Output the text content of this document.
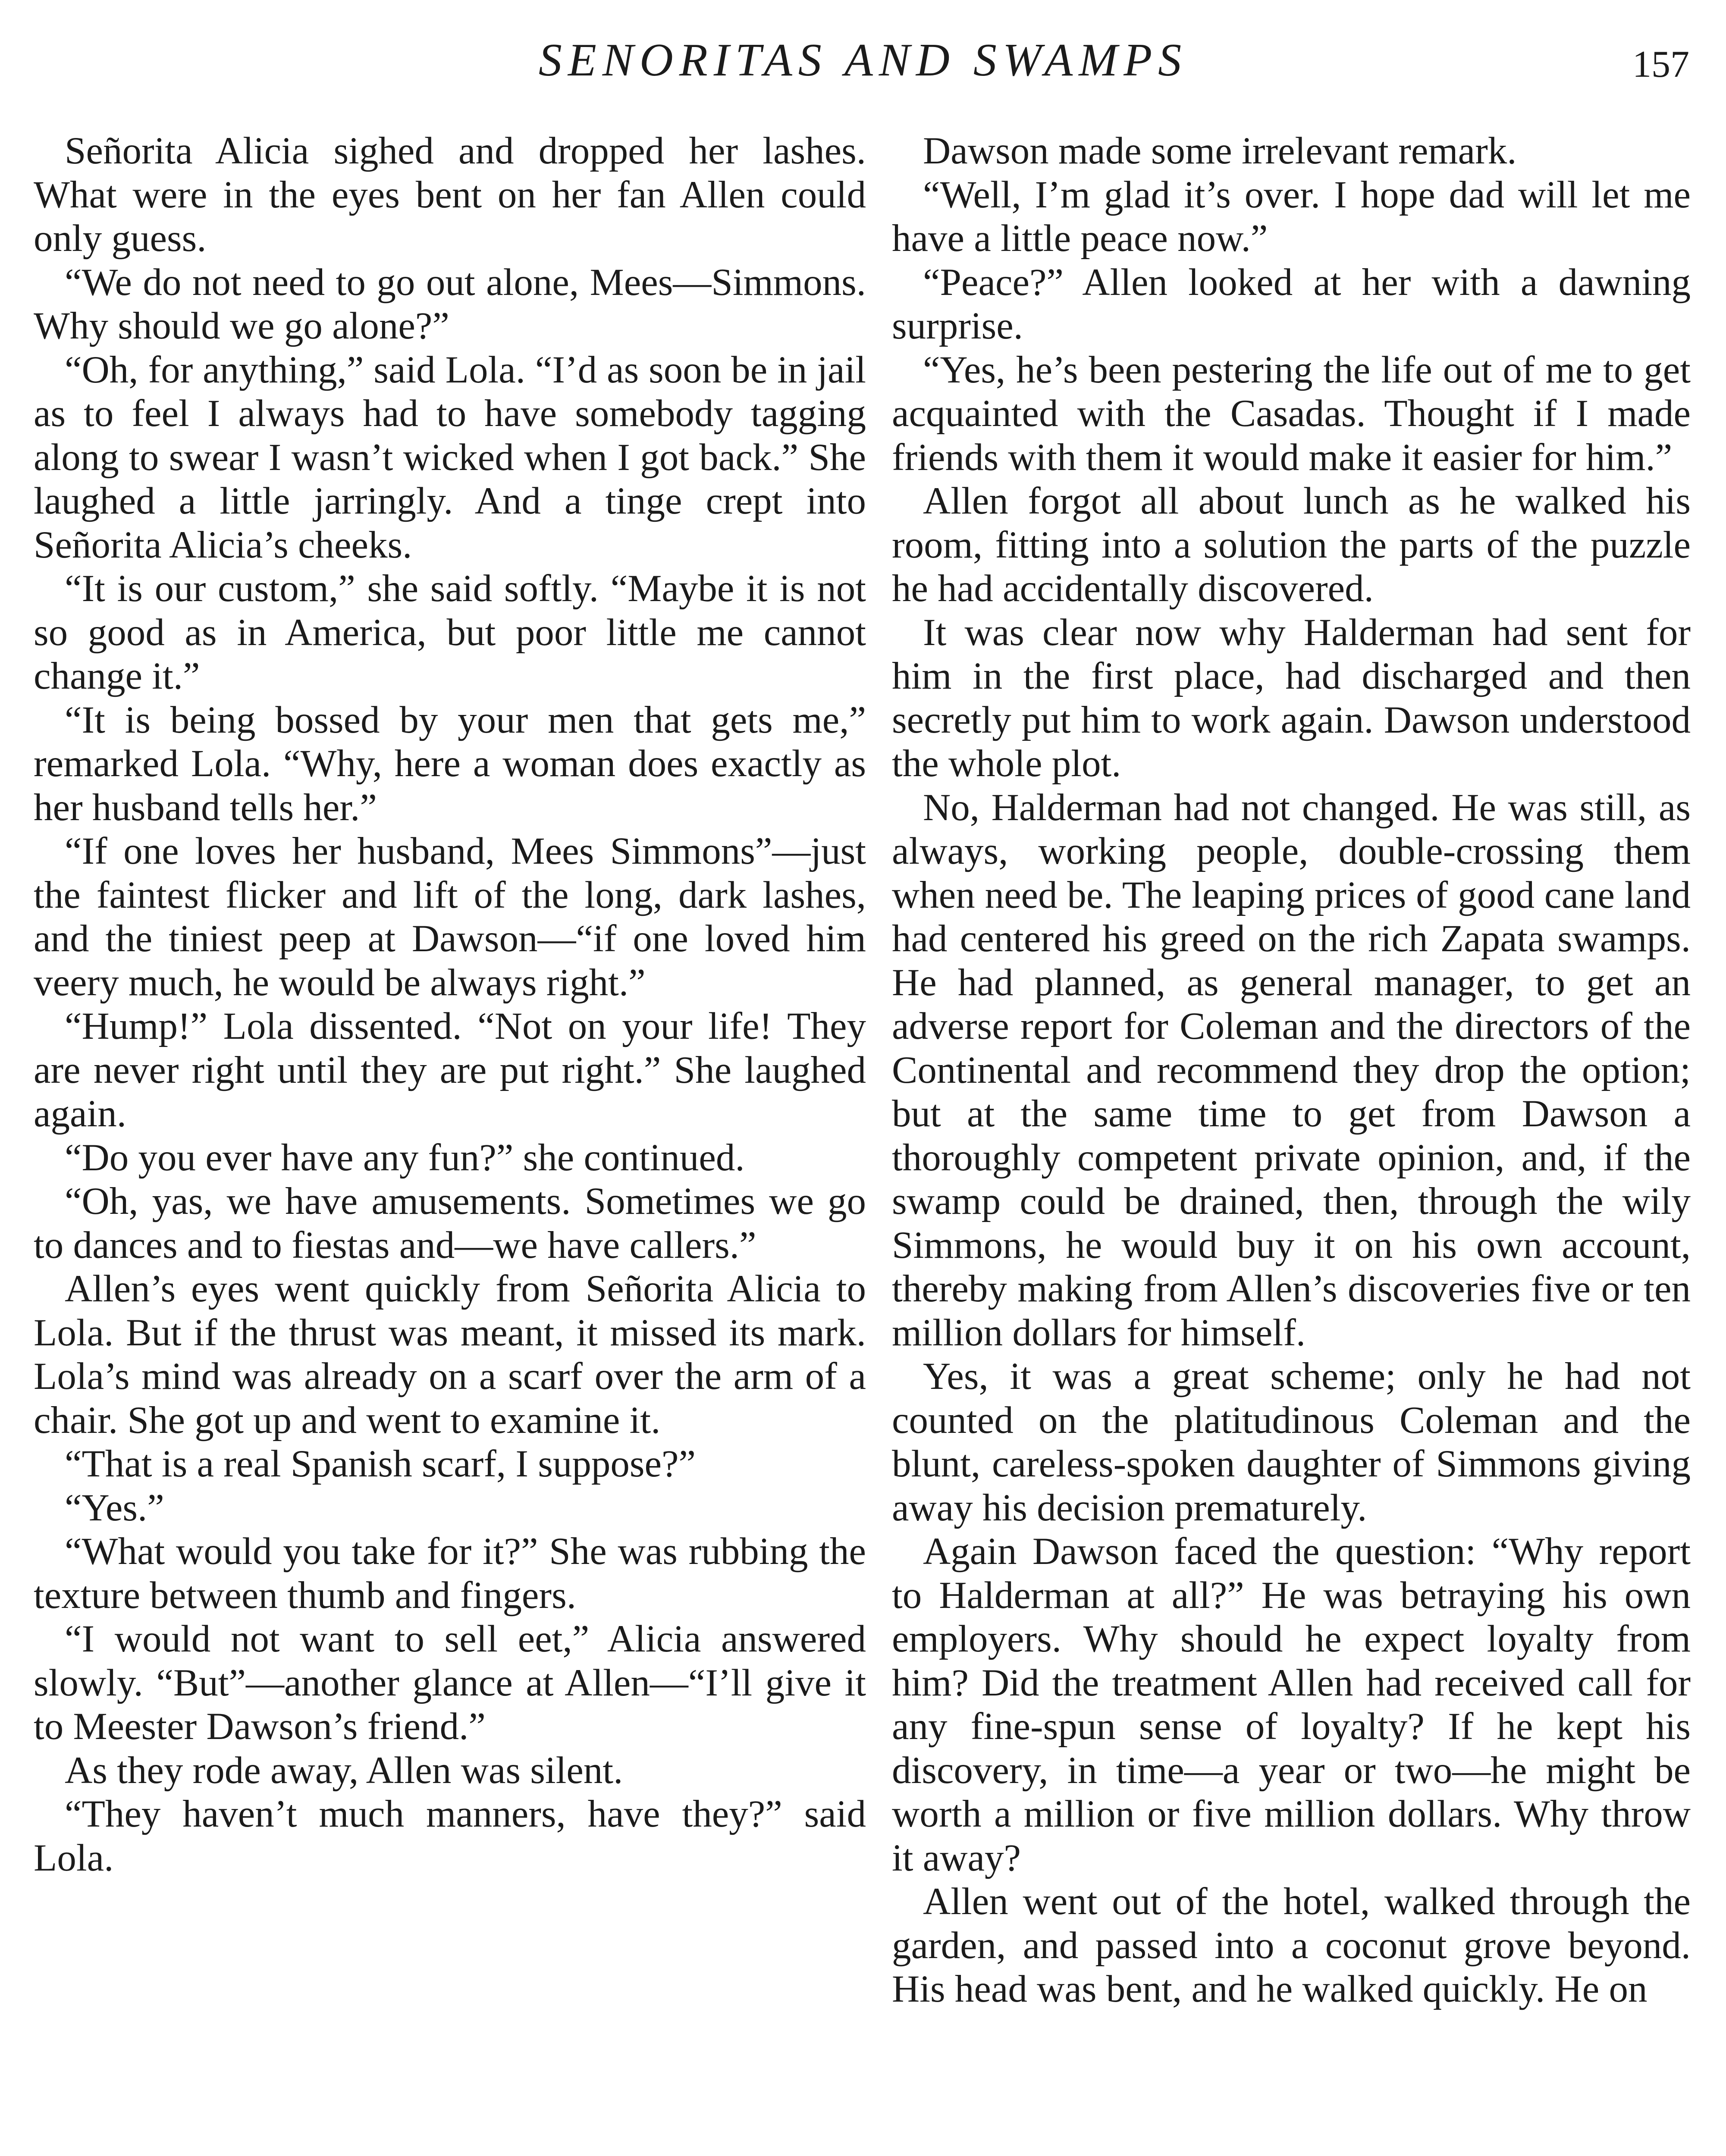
SENORITAS AND SWAMPS	157

Señorita Alicia sighed and dropped her lashes. What were in the eyes bent on her fan Allen could only guess.

“We do not need to go out alone, Mees—Simmons. Why should we go alone?”

“Oh, for anything,” said Lola. “I’d as soon be in jail as to feel I always had to have somebody tagging along to swear I wasn’t wicked when I got back.” She laughed a little jarringly. And a tinge crept into Señorita Alicia’s cheeks.

“It is our custom,” she said softly. “Maybe it is not so good as in America, but poor little me cannot change it.”

“It is being bossed by your men that gets me,” remarked Lola. “Why, here a woman does exactly as her husband tells her.”

“If one loves her husband, Mees Simmons”—just the faintest flicker and lift of the long, dark lashes, and the tiniest peep at Dawson—“if one loved him veery much, he would be always right.”

“Hump!” Lola dissented. “Not on your life! They are never right until they are put right.” She laughed again.

“Do you ever have any fun?” she continued.

“Oh, yas, we have amusements. Sometimes we go to dances and to fiestas and—we have callers.”

Allen’s eyes went quickly from Señorita Alicia to Lola. But if the thrust was meant, it missed its mark. Lola’s mind was already on a scarf over the arm of a chair. She got up and went to examine it.

“That is a real Spanish scarf, I suppose?”

“Yes.”

“What would you take for it?” She was rubbing the texture between thumb and fingers.

“I would not want to sell eet,” Alicia answered slowly. “But”—another glance at Allen—“I’ll give it to Meester Dawson’s friend.”

As they rode away, Allen was silent.

“They haven’t much manners, have they?” said Lola.

Dawson made some irrelevant remark.

“Well, I’m glad it’s over. I hope dad will let me have a little peace now.”

“Peace?” Allen looked at her with a dawning surprise.

“Yes, he’s been pestering the life out of me to get acquainted with the Casadas. Thought if I made friends with them it would make it easier for him.”

Allen forgot all about lunch as he walked his room, fitting into a solution the parts of the puzzle he had accidentally discovered.

It was clear now why Halderman had sent for him in the first place, had discharged and then secretly put him to work again. Dawson understood the whole plot.

No, Halderman had not changed. He was still, as always, working people, double-crossing them when need be. The leaping prices of good cane land had centered his greed on the rich Zapata swamps. He had planned, as general manager, to get an adverse report for Coleman and the directors of the Continental and recommend they drop the option; but at the same time to get from Dawson a thoroughly competent private opinion, and, if the swamp could be drained, then, through the wily Simmons, he would buy it on his own account, thereby making from Allen’s discoveries five or ten million dollars for himself.

Yes, it was a great scheme; only he had not counted on the platitudinous Coleman and the blunt, careless-spoken daughter of Simmons giving away his decision prematurely.

Again Dawson faced the question: “Why report to Halderman at all?” He was betraying his own employers. Why should he expect loyalty from him? Did the treatment Allen had received call for any fine-spun sense of loyalty? If he kept his discovery, in time—a year or two—he might be worth a million or five million dollars. Why throw it away?

Allen went out of the hotel, walked through the garden, and passed into a coconut grove beyond. His head was bent, and he walked quickly. He on
